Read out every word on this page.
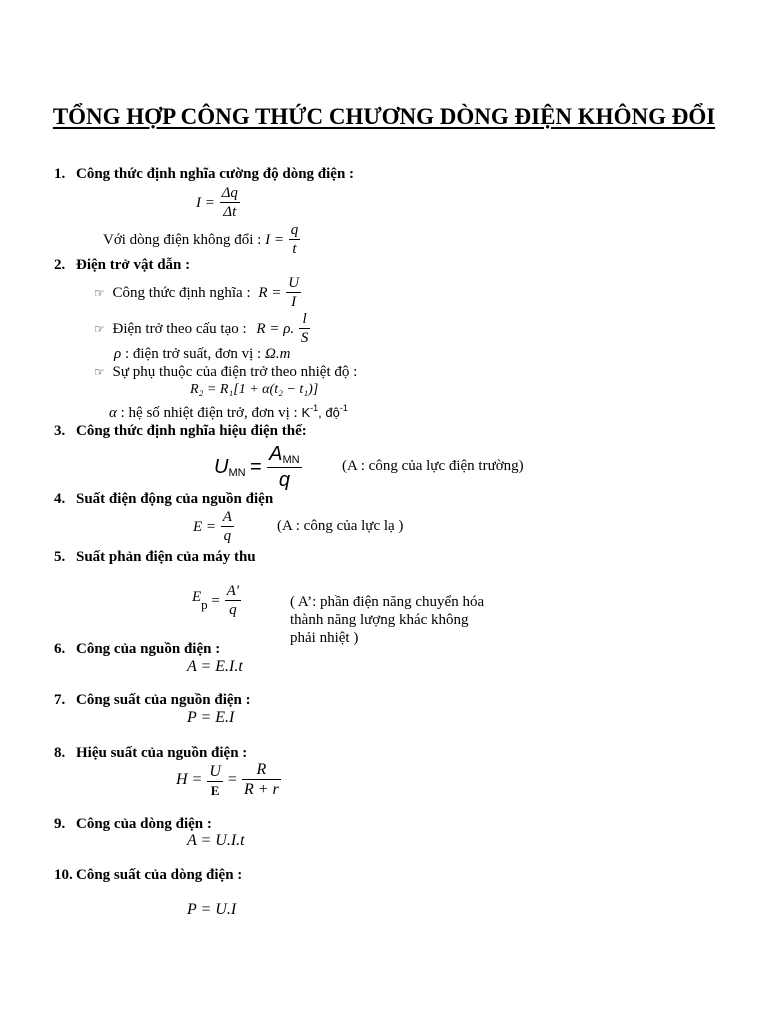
TỔNG HỢP CÔNG THỨC CHƯƠNG DÒNG ĐIỆN KHÔNG ĐỔI
1. Công thức định nghĩa cường độ dòng điện :
$I = \frac{\Delta q}{\Delta t}$
Với dòng điện không đổi : $I = \frac{q}{t}$
2. Điện trở vật dẫn :
☞ Công thức định nghĩa : $R = \frac{U}{I}$
☞ Điện trở theo cấu tạo : R = ρ. $\frac{l}{S}$
ρ : điện trở suất, đơn vị : Ω.m
☞ Sự phụ thuộc của điện trở theo nhiệt độ :
R₂ = R₁[1 + α(t₂ − t₁)]
α : hệ số nhiệt điện trở, đơn vị : $K^{-1}$, độ$^{-1}$
3. Công thức định nghĩa hiệu điện thế:
$U_{MN} = \frac{A_{MN}}{q}$	(A : công của lực điện trường)
4. Suất điện động của nguồn điện
$E = \frac{A}{q}$	(A : công của lực lạ )
5. Suất phản điện của máy thu
$Ep = \frac{A'}{q}$	( A’: phần điện năng chuyển hóa
thành năng lượng khác không
phải nhiệt )
6. Công của nguồn điện :
A = E.I.t
7. Công suất của nguồn điện :
P = E.I
8. Hiệu suất của nguồn điện :
$H = \frac{U}{E} = \frac{R}{R + r}$
9. Công của dòng điện :
A = U.I.t
10. Công suất của dòng điện :
P = U.I
